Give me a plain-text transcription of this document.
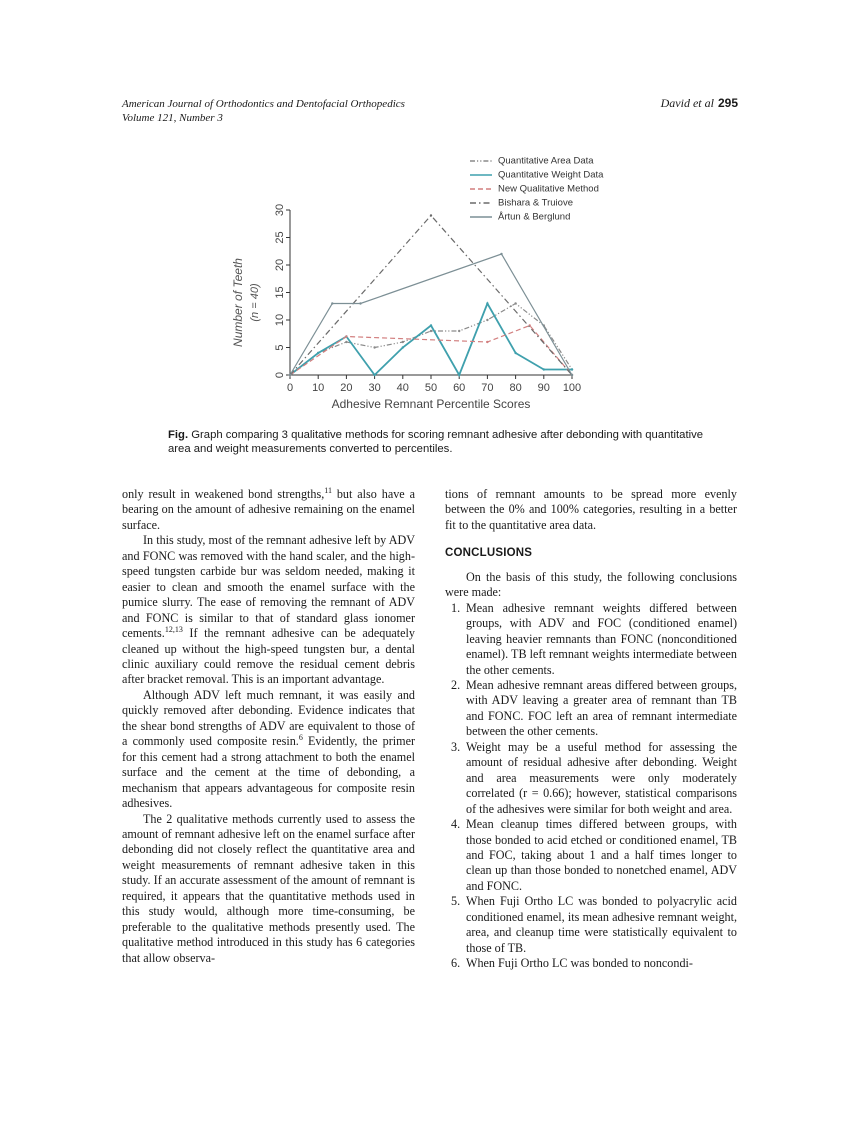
American Journal of Orthodontics and Dentofacial Orthopedics
Volume 121, Number 3
David et al 295
Quantitative Area Data
Quantitative Weight Data
New Qualitative Method
Bishara & Truiove
Årtun & Berglund
0
5
10
15
20
25
30
0 10 20 30 40 50 60 70 80 90 100
Adhesive Remnant Percentile Scores
Number of Teeth (n = 40)
Fig. Graph comparing 3 qualitative methods for scoring remnant adhesive after debonding with quantitative area and weight measurements converted to percentiles.

only result in weakened bond strengths,$^{11}$ but also have a bearing on the amount of adhesive remaining on the enamel surface.

In this study, most of the remnant adhesive left by ADV and FONC was removed with the hand scaler, and the high-speed tungsten carbide bur was seldom needed, making it easier to clean and smooth the enamel surface with the pumice slurry. The ease of removing the remnant of ADV and FONC is similar to that of standard glass ionomer cements.$^{12,13}$ If the remnant adhesive can be adequately cleaned up without the high-speed tungsten bur, a dental clinic auxiliary could remove the residual cement debris after bracket removal. This is an important advantage.

Although ADV left much remnant, it was easily and quickly removed after debonding. Evidence indicates that the shear bond strengths of ADV are equivalent to those of a commonly used composite resin.$^6$ Evidently, the primer for this cement had a strong attachment to both the enamel surface and the cement at the time of debonding, a mechanism that appears advantageous for composite resin adhesives.

The 2 qualitative methods currently used to assess the amount of remnant adhesive left on the enamel surface after debonding did not closely reflect the quantitative area and weight measurements of remnant adhesive taken in this study. If an accurate assessment of the amount of remnant is required, it appears that the quantitative methods used in this study would, although more time-consuming, be preferable to the qualitative methods presently used. The qualitative method introduced in this study has 6 categories that allow observa-

tions of remnant amounts to be spread more evenly between the 0% and 100% categories, resulting in a better fit to the quantitative area data.

CONCLUSIONS

On the basis of this study, the following conclusions were made:

1. Mean adhesive remnant weights differed between groups, with ADV and FOC (conditioned enamel) leaving heavier remnants than FONC (nonconditioned enamel). TB left remnant weights intermediate between the other cements.
2. Mean adhesive remnant areas differed between groups, with ADV leaving a greater area of remnant than TB and FONC. FOC left an area of remnant intermediate between the other cements.
3. Weight may be a useful method for assessing the amount of residual adhesive after debonding. Weight and area measurements were only moderately correlated (r = 0.66); however, statistical comparisons of the adhesives were similar for both weight and area.
4. Mean cleanup times differed between groups, with those bonded to acid etched or conditioned enamel, TB and FOC, taking about 1 and a half times longer to clean up than those bonded to nonetched enamel, ADV and FONC.
5. When Fuji Ortho LC was bonded to polyacrylic acid conditioned enamel, its mean adhesive remnant weight, area, and cleanup time were statistically equivalent to those of TB.
6. When Fuji Ortho LC was bonded to noncondi-
